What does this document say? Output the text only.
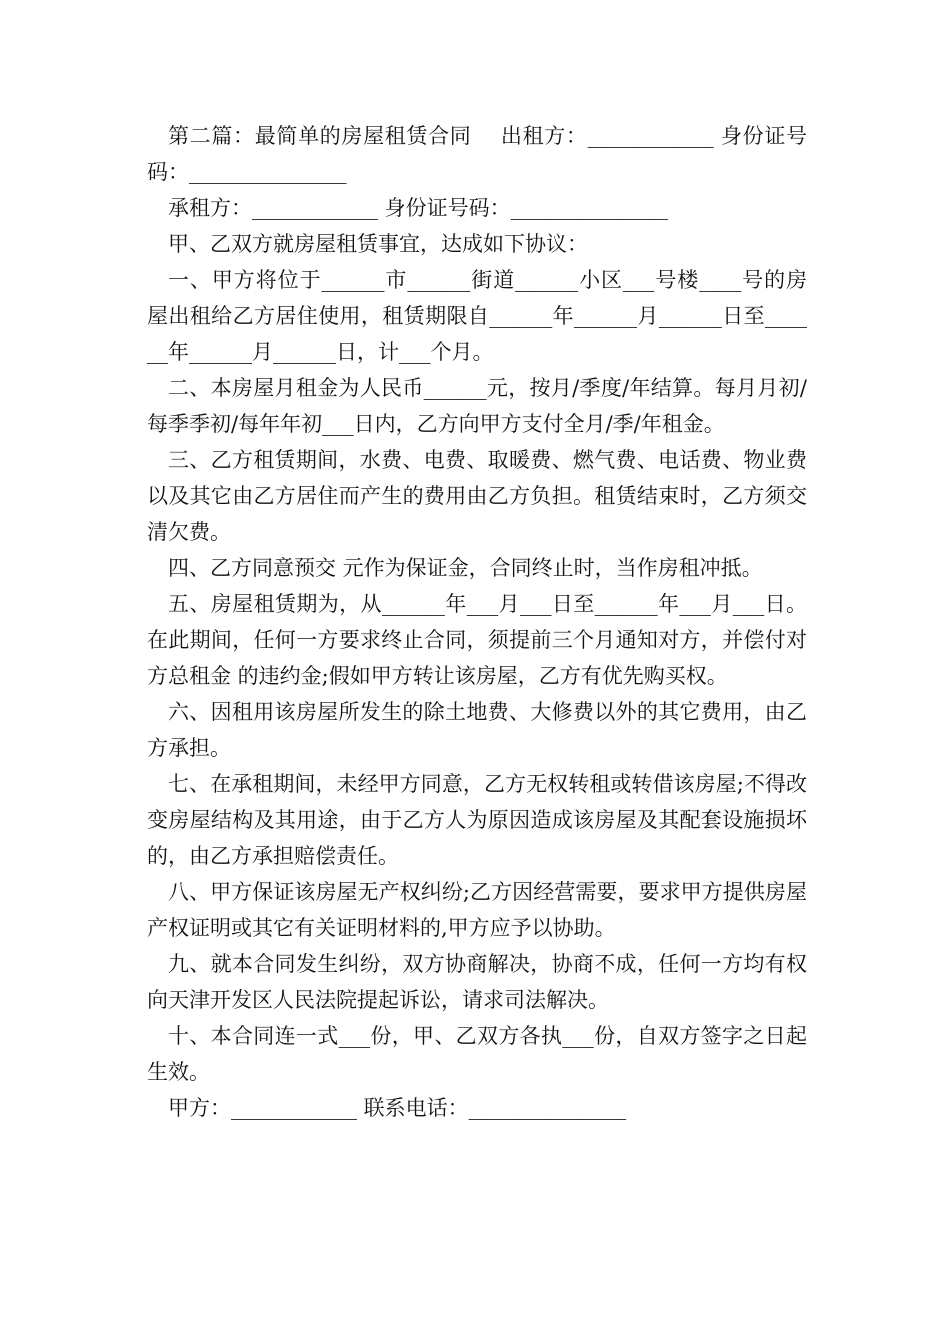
第二篇：最简单的房屋租赁合同    出租方：____________ 身份证号码：_______________

承租方：____________ 身份证号码：_______________

甲、乙双方就房屋租赁事宜，达成如下协议：

一、甲方将位于______市______街道______小区___号楼____号的房屋出租给乙方居住使用，租赁期限自______年______月______日至______年______月______日，计___个月。

二、本房屋月租金为人民币______元，按月/季度/年结算。每月月初/每季季初/每年年初___日内，乙方向甲方支付全月/季/年租金。

三、乙方租赁期间，水费、电费、取暖费、燃气费、电话费、物业费以及其它由乙方居住而产生的费用由乙方负担。租赁结束时，乙方须交清欠费。

四、乙方同意预交 元作为保证金，合同终止时，当作房租冲抵。

五、房屋租赁期为，从______年___月___日至______年___月___日。在此期间，任何一方要求终止合同，须提前三个月通知对方，并偿付对方总租金 的违约金;假如甲方转让该房屋，乙方有优先购买权。

六、因租用该房屋所发生的除土地费、大修费以外的其它费用，由乙方承担。

七、在承租期间，未经甲方同意，乙方无权转租或转借该房屋;不得改变房屋结构及其用途，由于乙方人为原因造成该房屋及其配套设施损坏的，由乙方承担赔偿责任。

八、甲方保证该房屋无产权纠纷;乙方因经营需要，要求甲方提供房屋产权证明或其它有关证明材料的,甲方应予以协助。

九、就本合同发生纠纷，双方协商解决，协商不成，任何一方均有权向天津开发区人民法院提起诉讼，请求司法解决。

十、本合同连一式___份，甲、乙双方各执___份，自双方签字之日起生效。

甲方：____________ 联系电话：_______________
